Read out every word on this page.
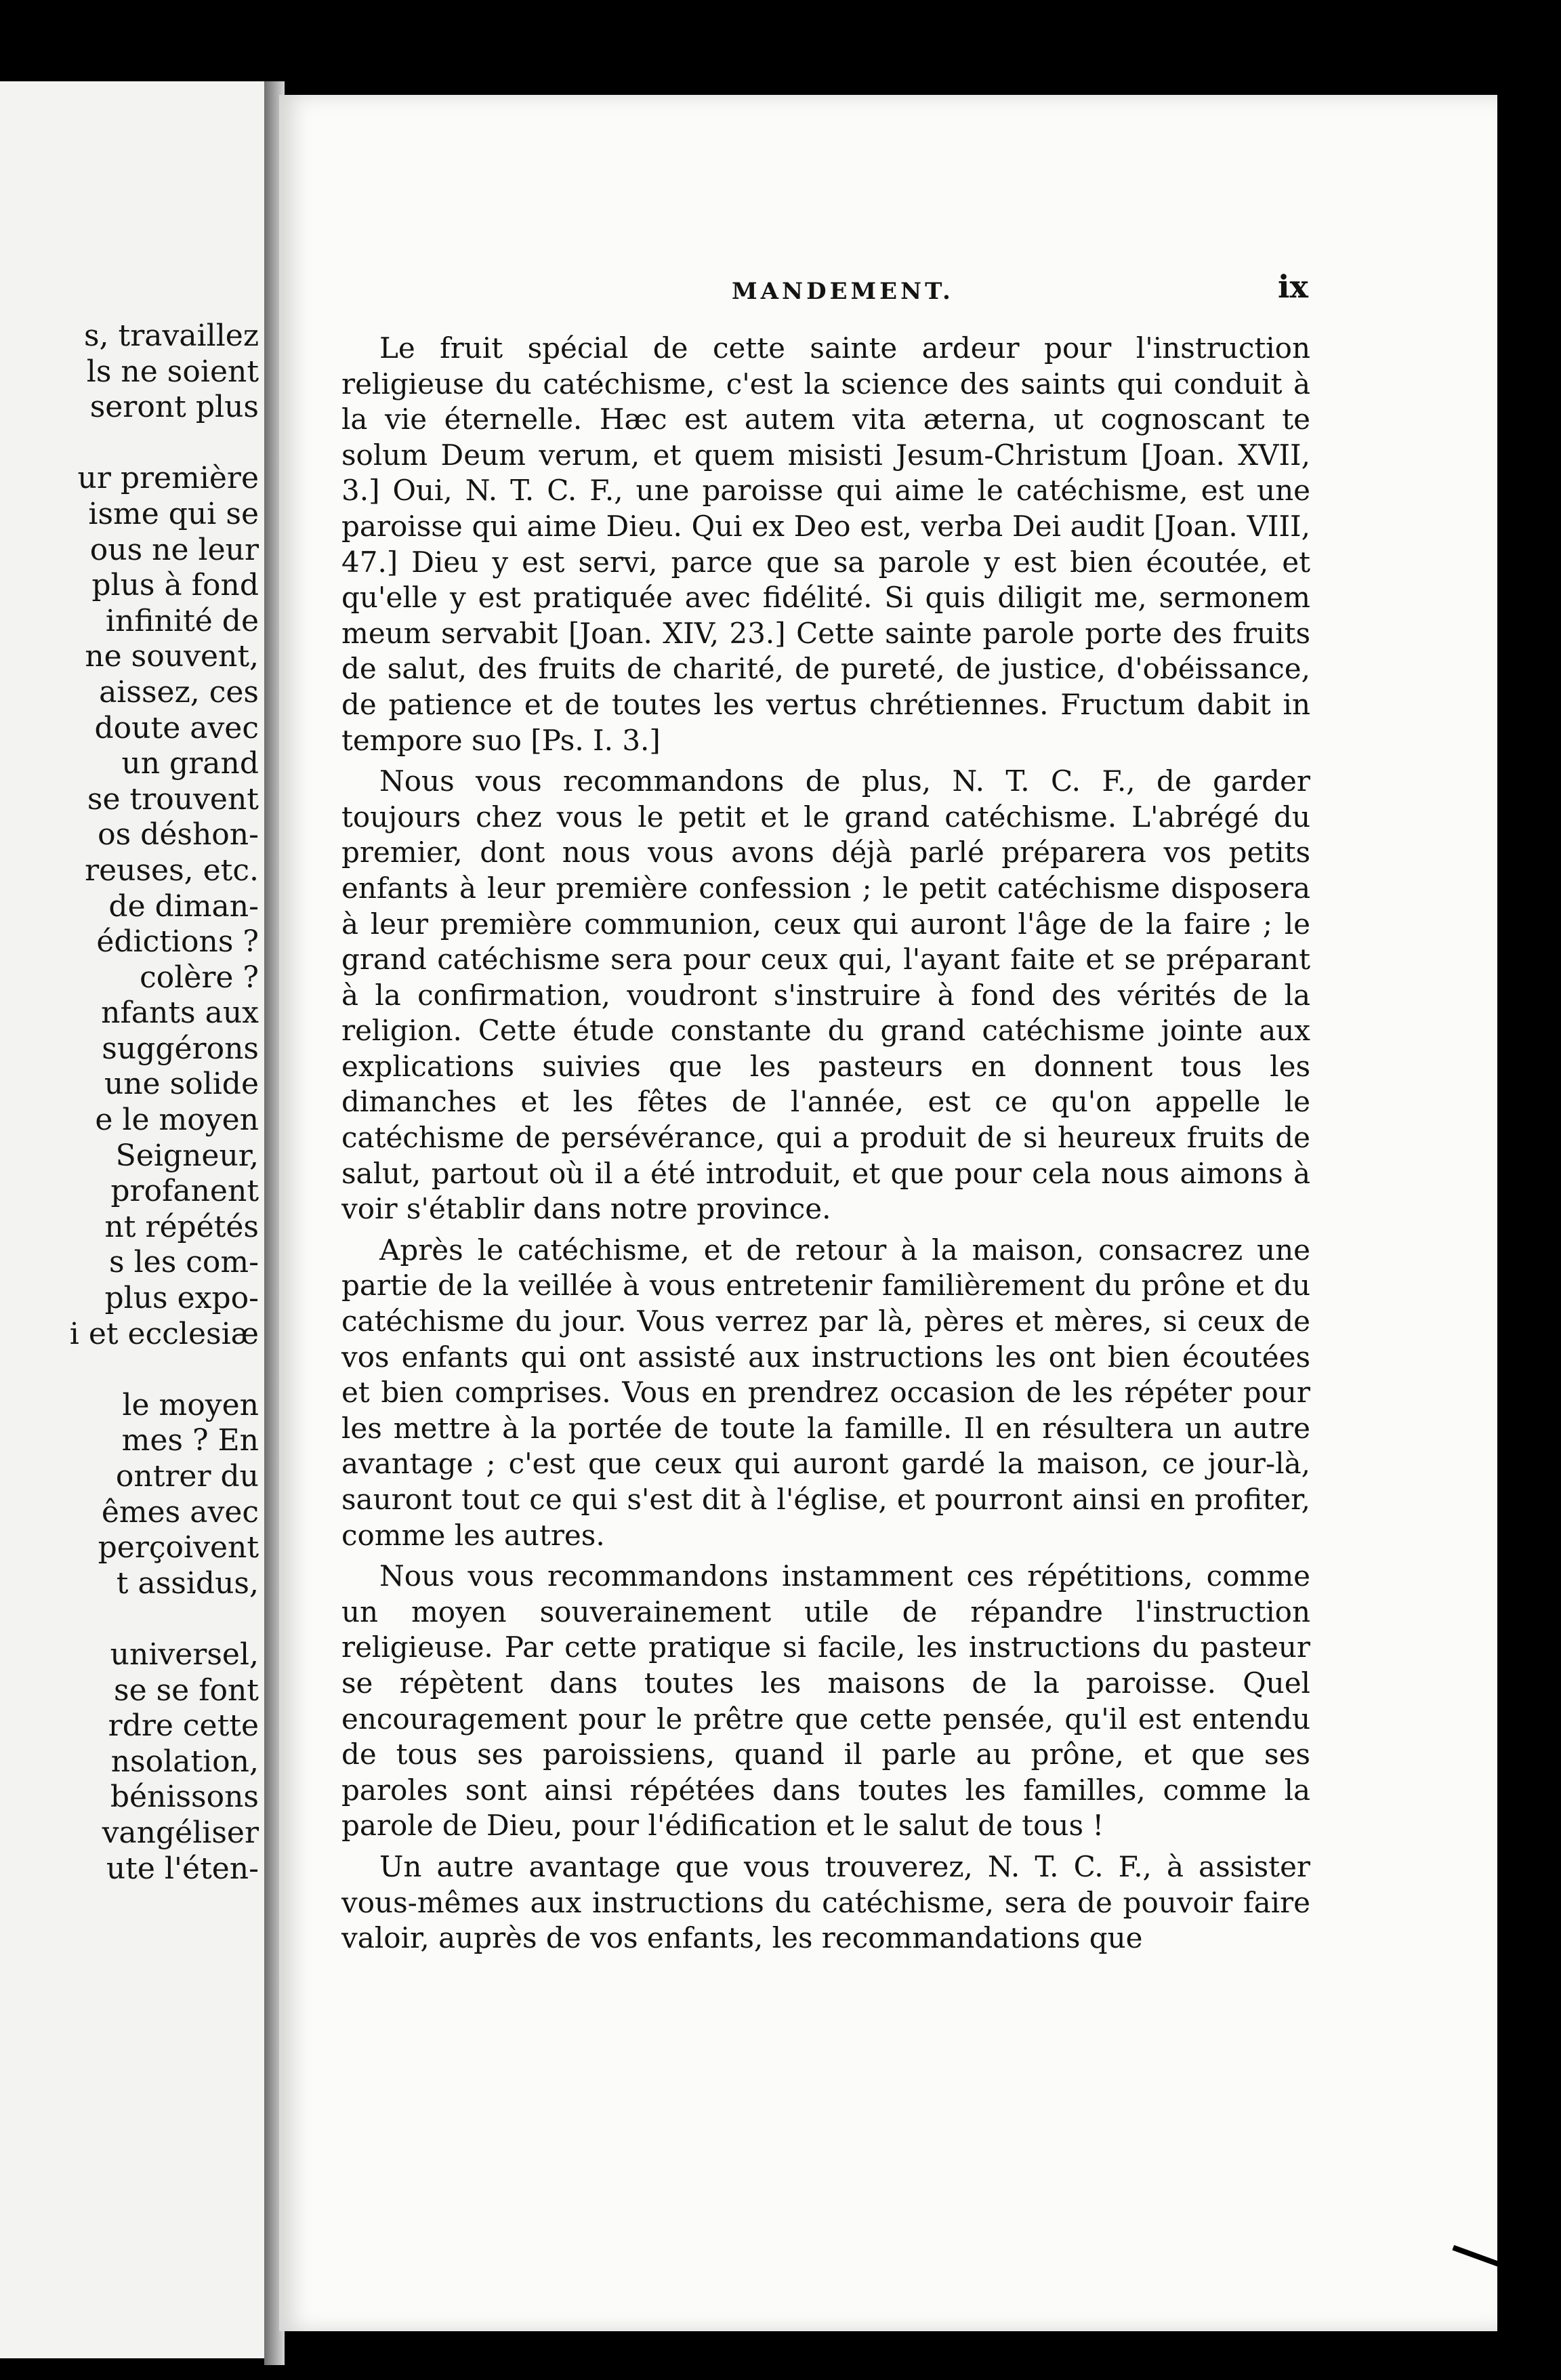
s, travaillez
ls ne soient
seront plus
ur première
isme qui se
ous ne leur
plus à fond
infinité de
ne souvent,
aissez, ces
doute avec
un grand
se trouvent
os déshon-
reuses, etc.
de diman-
édictions ?
colère ?
nfants aux
suggérons
une solide
e le moyen
Seigneur,
profanent
nt répétés
s les com-
plus expo-
i et ecclesiæ
le moyen
mes ? En
ontrer du
êmes avec
perçoivent
t assidus,
universel,
se se font
rdre cette
nsolation,
bénissons
vangéliser
ute l'éten-
MANDEMENT.	ix

Le fruit spécial de cette sainte ardeur pour l'instruction religieuse du catéchisme, c'est la science des saints qui conduit à la vie éternelle. Hæc est autem vita æterna, ut cognoscant te solum Deum verum, et quem misisti Jesum-Christum [Joan. XVII, 3.] Oui, N. T. C. F., une paroisse qui aime le catéchisme, est une paroisse qui aime Dieu. Qui ex Deo est, verba Dei audit [Joan. VIII, 47.] Dieu y est servi, parce que sa parole y est bien écoutée, et qu'elle y est pratiquée avec fidélité. Si quis diligit me, sermonem meum servabit [Joan. XIV, 23.] Cette sainte parole porte des fruits de salut, des fruits de charité, de pureté, de justice, d'obéissance, de patience et de toutes les vertus chrétiennes. Fructum dabit in tempore suo [Ps. I. 3.]

Nous vous recommandons de plus, N. T. C. F., de garder toujours chez vous le petit et le grand catéchisme. L'abrégé du premier, dont nous vous avons déjà parlé préparera vos petits enfants à leur première confession ; le petit catéchisme disposera à leur première communion, ceux qui auront l'âge de la faire ; le grand catéchisme sera pour ceux qui, l'ayant faite et se préparant à la confirmation, voudront s'instruire à fond des vérités de la religion. Cette étude constante du grand catéchisme jointe aux explications suivies que les pasteurs en donnent tous les dimanches et les fêtes de l'année, est ce qu'on appelle le catéchisme de persévérance, qui a produit de si heureux fruits de salut, partout où il a été introduit, et que pour cela nous aimons à voir s'établir dans notre province.

Après le catéchisme, et de retour à la maison, consacrez une partie de la veillée à vous entretenir familièrement du prône et du catéchisme du jour. Vous verrez par là, pères et mères, si ceux de vos enfants qui ont assisté aux instructions les ont bien écoutées et bien comprises. Vous en prendrez occasion de les répéter pour les mettre à la portée de toute la famille. Il en résultera un autre avantage ; c'est que ceux qui auront gardé la maison, ce jour-là, sauront tout ce qui s'est dit à l'église, et pourront ainsi en profiter, comme les autres.

Nous vous recommandons instamment ces répétitions, comme un moyen souverainement utile de répandre l'instruction religieuse. Par cette pratique si facile, les instructions du pasteur se répètent dans toutes les maisons de la paroisse. Quel encouragement pour le prêtre que cette pensée, qu'il est entendu de tous ses paroissiens, quand il parle au prône, et que ses paroles sont ainsi répétées dans toutes les familles, comme la parole de Dieu, pour l'édification et le salut de tous !

Un autre avantage que vous trouverez, N. T. C. F., à assister vous-mêmes aux instructions du catéchisme, sera de pouvoir faire valoir, auprès de vos enfants, les recommandations que
